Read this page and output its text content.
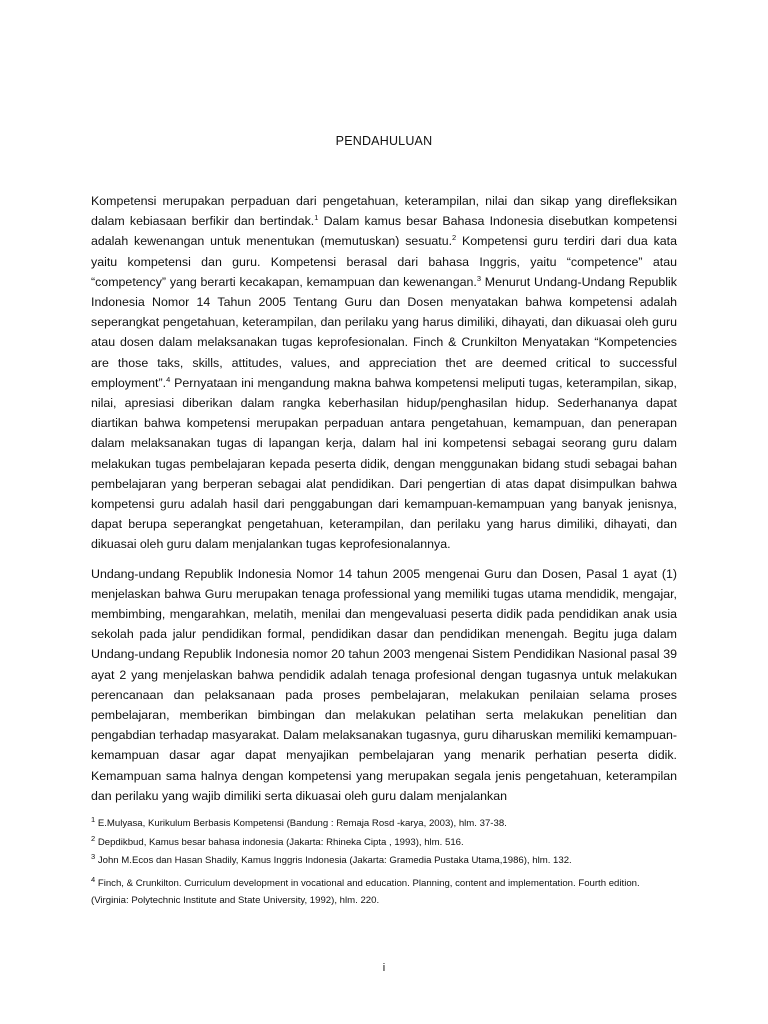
PENDAHULUAN

Kompetensi merupakan perpaduan dari pengetahuan, keterampilan, nilai dan sikap yang direfleksikan dalam kebiasaan berfikir dan bertindak.$^1$ Dalam kamus besar Bahasa Indonesia disebutkan kompetensi adalah kewenangan untuk menentukan (memutuskan) sesuatu.$^2$ Kompetensi guru terdiri dari dua kata yaitu kompetensi dan guru. Kompetensi berasal dari bahasa Inggris, yaitu “competence” atau “competency” yang berarti kecakapan, kemampuan dan kewenangan.$^3$ Menurut Undang-Undang Republik Indonesia Nomor 14 Tahun 2005 Tentang Guru dan Dosen menyatakan bahwa kompetensi adalah seperangkat pengetahuan, keterampilan, dan perilaku yang harus dimiliki, dihayati, dan dikuasai oleh guru atau dosen dalam melaksanakan tugas keprofesionalan. Finch & Crunkilton Menyatakan “Kompetencies are those taks, skills, attitudes, values, and appreciation thet are deemed critical to successful employment”.$^4$ Pernyataan ini mengandung makna bahwa kompetensi meliputi tugas, keterampilan, sikap, nilai, apresiasi diberikan dalam rangka keberhasilan hidup/penghasilan hidup. Sederhananya dapat diartikan bahwa kompetensi merupakan perpaduan antara pengetahuan, kemampuan, dan penerapan dalam melaksanakan tugas di lapangan kerja, dalam hal ini kompetensi sebagai seorang guru dalam melakukan tugas pembelajaran kepada peserta didik, dengan menggunakan bidang studi sebagai bahan pembelajaran yang berperan sebagai alat pendidikan. Dari pengertian di atas dapat disimpulkan bahwa kompetensi guru adalah hasil dari penggabungan dari kemampuan-kemampuan yang banyak jenisnya, dapat berupa seperangkat pengetahuan, keterampilan, dan perilaku yang harus dimiliki, dihayati, dan dikuasai oleh guru dalam menjalankan tugas keprofesionalannya.

Undang-undang Republik Indonesia Nomor 14 tahun 2005 mengenai Guru dan Dosen, Pasal 1 ayat (1) menjelaskan bahwa Guru merupakan tenaga professional yang memiliki tugas utama mendidik, mengajar, membimbing, mengarahkan, melatih, menilai dan mengevaluasi peserta didik pada pendidikan anak usia sekolah pada jalur pendidikan formal, pendidikan dasar dan pendidikan menengah. Begitu juga dalam Undang-undang Republik Indonesia nomor 20 tahun 2003 mengenai Sistem Pendidikan Nasional pasal 39 ayat 2 yang menjelaskan bahwa pendidik adalah tenaga profesional dengan tugasnya untuk melakukan perencanaan dan pelaksanaan pada proses pembelajaran, melakukan penilaian selama proses pembelajaran, memberikan bimbingan dan melakukan pelatihan serta melakukan penelitian dan pengabdian terhadap masyarakat. Dalam melaksanakan tugasnya, guru diharuskan memiliki kemampuan-kemampuan dasar agar dapat menyajikan pembelajaran yang menarik perhatian peserta didik. Kemampuan sama halnya dengan kompetensi yang merupakan segala jenis pengetahuan, keterampilan dan perilaku yang wajib dimiliki serta dikuasai oleh guru dalam menjalankan

$^1$ E.Mulyasa, Kurikulum Berbasis Kompetensi (Bandung : Remaja Rosd -karya, 2003), hlm. 37-38.

$^2$ Depdikbud, Kamus besar bahasa indonesia (Jakarta: Rhineka Cipta , 1993), hlm. 516.

$^3$ John M.Ecos dan Hasan Shadily, Kamus Inggris Indonesia (Jakarta: Gramedia Pustaka Utama,1986), hlm. 132.

$^4$ Finch, & Crunkilton. Curriculum development in vocational and education. Planning, content and implementation. Fourth edition. (Virginia: Polytechnic Institute and State University, 1992), hlm. 220.

i
